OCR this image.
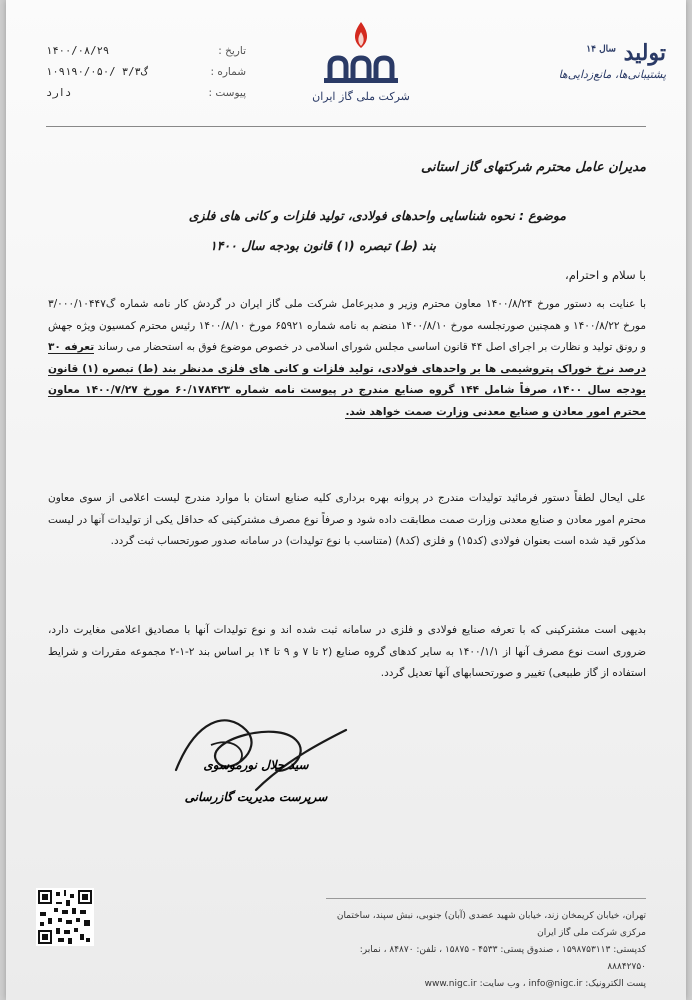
تاریخ :
۱۴۰۰/۰۸/۲۹
شماره :
گ۳/۳ /۱۰۹۱۹۰/۰۵۰
پیوست :
دارد	شرکت ملی گاز ایران
تولید $^{سال ۱۴}$
پشتیبانی‌ها، مانع‌زدایی‌ها
مدیران عامل محترم شرکتهای گاز استانی
موضوع : نحوه شناسایی واحدهای فولادی، تولید فلزات و کانی های فلزی
بند (ط) تبصره (۱) قانون بودجه سال ۱۴۰۰
با سلام و احترام،
با عنایت به دستور مورخ ۱۴۰۰/۸/۲۴ معاون محترم وزیر و مدیرعامل شرکت ملی گاز ایران در گردش کار نامه شماره گ۳/۰۰۰/۱۰۴۴۷ مورخ ۱۴۰۰/۸/۲۲ و همچنین صورتجلسه مورخ ۱۴۰۰/۸/۱۰ منضم به نامه شماره ۶۵۹۲۱ مورخ ۱۴۰۰/۸/۱۰ رئیس محترم کمسیون ویژه جهش و رونق تولید و نظارت بر اجرای اصل ۴۴ قانون اساسی مجلس شورای اسلامی در خصوص موضوع فوق به استحضار می رساند تعرفه ۳۰ درصد نرخ خوراک پتروشیمی ها بر واحدهای فولادی، تولید فلزات و کانی های فلزی مدنظر بند (ط) تبصره (۱) قانون بودجه سال ۱۴۰۰، صرفاً شامل ۱۴۴ گروه صنایع مندرج در پیوست نامه شماره ۶۰/۱۷۸۴۲۳ مورخ ۱۴۰۰/۷/۲۷ معاون محترم امور معادن و صنایع معدنی وزارت صمت خواهد شد.
علی ایحال لطفاً دستور فرمائید تولیدات مندرج در پروانه بهره برداری کلیه صنایع استان با موارد مندرج لیست اعلامی از سوی معاون محترم امور معادن و صنایع معدنی وزارت صمت مطابقت داده شود و صرفاً نوع مصرف مشترکینی که حداقل یکی از تولیدات آنها در لیست مذکور قید شده است بعنوان فولادی (کد۱۵) و فلزی (کد۸) (متناسب با نوع تولیدات) در سامانه صدور صورتحساب ثبت گردد.
بدیهی است مشترکینی که با تعرفه صنایع فولادی و فلزی در سامانه ثبت شده اند و نوع تولیدات آنها با مصادیق اعلامی مغایرت دارد، ضروری است نوع مصرف آنها از ۱۴۰۰/۱/۱ به سایر کدهای گروه صنایع (۲ تا ۷ و ۹ تا ۱۴ بر اساس بند ۲-۱-۲ مجموعه مقررات و شرایط استفاده از گاز طبیعی) تغییر و صورتحسابهای آنها تعدیل گردد.
سید جلال نورموسوی
سرپرست مدیریت گازرسانی
تهران، خیابان کریمخان زند، خیابان شهید عضدی (آبان) جنوبی، نبش سپند، ساختمان مرکزی شرکت ملی گاز ایران
کدپستی: ۱۵۹۸۷۵۳۱۱۳ ، صندوق پستی: ۴۵۳۳ - ۱۵۸۷۵ ، تلفن: ۸۴۸۷۰ ، نمابر: ۸۸۸۴۲۷۵۰
پست الکترونیک: info@nigc.ir ، وب سایت: www.nigc.ir
